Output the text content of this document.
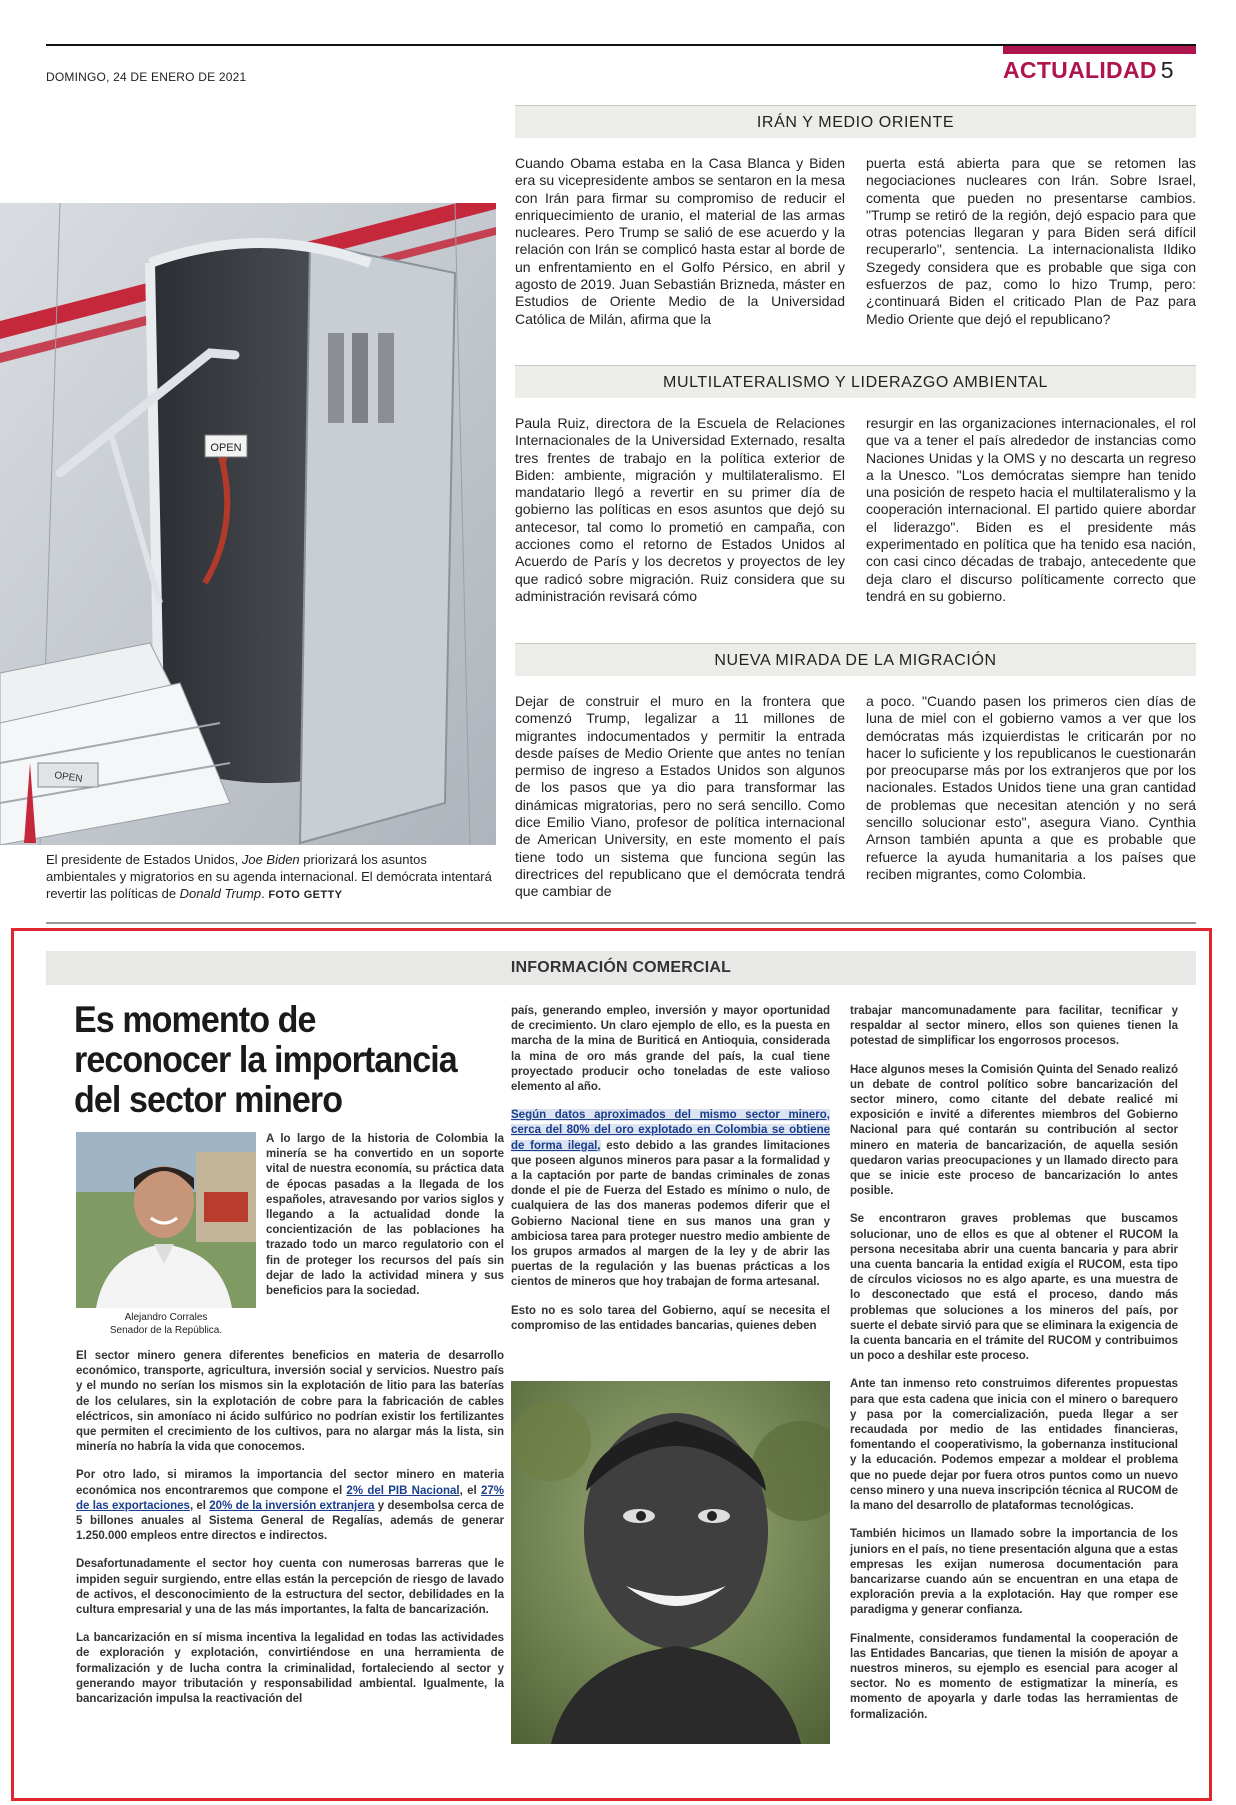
DOMINGO, 24 DE ENERO DE 2021	ACTUALIDAD 5
OPEN
OPEN
El presidente de Estados Unidos, Joe Biden priorizará los asuntos ambientales y migratorios en su agenda internacional. El demócrata intentará revertir las políticas de Donald Trump. FOTO GETTY
IRÁN Y MEDIO ORIENTE
Cuando Obama estaba en la Casa Blanca y Biden era su vicepresidente ambos se sentaron en la mesa con Irán para firmar su compromiso de reducir el enriquecimiento de uranio, el material de las armas nucleares. Pero Trump se salió de ese acuerdo y la relación con Irán se complicó hasta estar al borde de un enfrentamiento en el Golfo Pérsico, en abril y agosto de 2019. Juan Sebastián Brizneda, máster en Estudios de Oriente Medio de la Universidad Católica de Milán, afirma que la
puerta está abierta para que se retomen las negociaciones nucleares con Irán. Sobre Israel, comenta que pueden no presentarse cambios. "Trump se retiró de la región, dejó espacio para que otras potencias llegaran y para Biden será difícil recuperarlo", sentencia. La internacionalista Ildiko Szegedy considera que es probable que siga con esfuerzos de paz, como lo hizo Trump, pero: ¿continuará Biden el criticado Plan de Paz para Medio Oriente que dejó el republicano?
MULTILATERALISMO Y LIDERAZGO AMBIENTAL
Paula Ruiz, directora de la Escuela de Relaciones Internacionales de la Universidad Externado, resalta tres frentes de trabajo en la política exterior de Biden: ambiente, migración y multilateralismo. El mandatario llegó a revertir en su primer día de gobierno las políticas en esos asuntos que dejó su antecesor, tal como lo prometió en campaña, con acciones como el retorno de Estados Unidos al Acuerdo de París y los decretos y proyectos de ley que radicó sobre migración. Ruiz considera que su administración revisará cómo
resurgir en las organizaciones internacionales, el rol que va a tener el país alrededor de instancias como Naciones Unidas y la OMS y no descarta un regreso a la Unesco. "Los demócratas siempre han tenido una posición de respeto hacia el multilateralismo y la cooperación internacional. El partido quiere abordar el liderazgo". Biden es el presidente más experimentado en política que ha tenido esa nación, con casi cinco décadas de trabajo, antecedente que deja claro el discurso políticamente correcto que tendrá en su gobierno.
NUEVA MIRADA DE LA MIGRACIÓN
Dejar de construir el muro en la frontera que comenzó Trump, legalizar a 11 millones de migrantes indocumentados y permitir la entrada desde países de Medio Oriente que antes no tenían permiso de ingreso a Estados Unidos son algunos de los pasos que ya dio para transformar las dinámicas migratorias, pero no será sencillo. Como dice Emilio Viano, profesor de política internacional de American University, en este momento el país tiene todo un sistema que funciona según las directrices del republicano que el demócrata tendrá que cambiar de
a poco. "Cuando pasen los primeros cien días de luna de miel con el gobierno vamos a ver que los demócratas más izquierdistas le criticarán por no hacer lo suficiente y los republicanos le cuestionarán por preocuparse más por los extranjeros que por los nacionales. Estados Unidos tiene una gran cantidad de problemas que necesitan atención y no será sencillo solucionar esto", asegura Viano. Cynthia Arnson también apunta a que es probable que refuerce la ayuda humanitaria a los países que reciben migrantes, como Colombia.
INFORMACIÓN COMERCIAL
Es momento de reconocer la importancia del sector minero
Alejandro Corrales
Senador de la República.

A lo largo de la historia de Colombia la minería se ha convertido en un soporte vital de nuestra economía, su práctica data de épocas pasadas a la llegada de los españoles, atravesando por varios siglos y llegando a la actualidad donde la concientización de las poblaciones ha trazado todo un marco regulatorio con el fin de proteger los recursos del país sin dejar de lado la actividad minera y sus beneficios para la sociedad.

El sector minero genera diferentes beneficios en materia de desarrollo económico, transporte, agricultura, inversión social y servicios. Nuestro país y el mundo no serían los mismos sin la explotación de litio para las baterías de los celulares, sin la explotación de cobre para la fabricación de cables eléctricos, sin amoníaco ni ácido sulfúrico no podrían existir los fertilizantes que permiten el crecimiento de los cultivos, para no alargar más la lista, sin minería no habría la vida que conocemos.

Por otro lado, si miramos la importancia del sector minero en materia económica nos encontraremos que compone el 2% del PIB Nacional, el 27% de las exportaciones, el 20% de la inversión extranjera y desembolsa cerca de 5 billones anuales al Sistema General de Regalías, además de generar 1.250.000 empleos entre directos e indirectos.

Desafortunadamente el sector hoy cuenta con numerosas barreras que le impiden seguir surgiendo, entre ellas están la percepción de riesgo de lavado de activos, el desconocimiento de la estructura del sector, debilidades en la cultura empresarial y una de las más importantes, la falta de bancarización.

La bancarización en sí misma incentiva la legalidad en todas las actividades de exploración y explotación, convirtiéndose en una herramienta de formalización y de lucha contra la criminalidad, fortaleciendo al sector y generando mayor tributación y responsabilidad ambiental. Igualmente, la bancarización impulsa la reactivación del

país, generando empleo, inversión y mayor oportunidad de crecimiento. Un claro ejemplo de ello, es la puesta en marcha de la mina de Buriticá en Antioquia, considerada la mina de oro más grande del país, la cual tiene proyectado producir ocho toneladas de este valioso elemento al año.

Según datos aproximados del mismo sector minero, cerca del 80% del oro explotado en Colombia se obtiene de forma ilegal, esto debido a las grandes limitaciones que poseen algunos mineros para pasar a la formalidad y a la captación por parte de bandas criminales de zonas donde el pie de Fuerza del Estado es mínimo o nulo, de cualquiera de las dos maneras podemos diferir que el Gobierno Nacional tiene en sus manos una gran y ambiciosa tarea para proteger nuestro medio ambiente de los grupos armados al margen de la ley y de abrir las puertas de la regulación y las buenas prácticas a los cientos de mineros que hoy trabajan de forma artesanal.

Esto no es solo tarea del Gobierno, aquí se necesita el compromiso de las entidades bancarias, quienes deben

trabajar mancomunadamente para facilitar, tecnificar y respaldar al sector minero, ellos son quienes tienen la potestad de simplificar los engorrosos procesos.

Hace algunos meses la Comisión Quinta del Senado realizó un debate de control político sobre bancarización del sector minero, como citante del debate realicé mi exposición e invité a diferentes miembros del Gobierno Nacional para qué contarán su contribución al sector minero en materia de bancarización, de aquella sesión quedaron varias preocupaciones y un llamado directo para que se inicie este proceso de bancarización lo antes posible.

Se encontraron graves problemas que buscamos solucionar, uno de ellos es que al obtener el RUCOM la persona necesitaba abrir una cuenta bancaria y para abrir una cuenta bancaria la entidad exigía el RUCOM, esta tipo de círculos viciosos no es algo aparte, es una muestra de lo desconectado que está el proceso, dando más problemas que soluciones a los mineros del país, por suerte el debate sirvió para que se eliminara la exigencia de la cuenta bancaria en el trámite del RUCOM y contribuimos un poco a deshilar este proceso.

Ante tan inmenso reto construimos diferentes propuestas para que esta cadena que inicia con el minero o barequero y pasa por la comercialización, pueda llegar a ser recaudada por medio de las entidades financieras, fomentando el cooperativismo, la gobernanza institucional y la educación. Podemos empezar a moldear el problema que no puede dejar por fuera otros puntos como un nuevo censo minero y una nueva inscripción técnica al RUCOM de la mano del desarrollo de plataformas tecnológicas.

También hicimos un llamado sobre la importancia de los juniors en el país, no tiene presentación alguna que a estas empresas les exijan numerosa documentación para bancarizarse cuando aún se encuentran en una etapa de exploración previa a la explotación. Hay que romper ese paradigma y generar confianza.

Finalmente, consideramos fundamental la cooperación de las Entidades Bancarias, que tienen la misión de apoyar a nuestros mineros, su ejemplo es esencial para acoger al sector. No es momento de estigmatizar la minería, es momento de apoyarla y darle todas las herramientas de formalización.
